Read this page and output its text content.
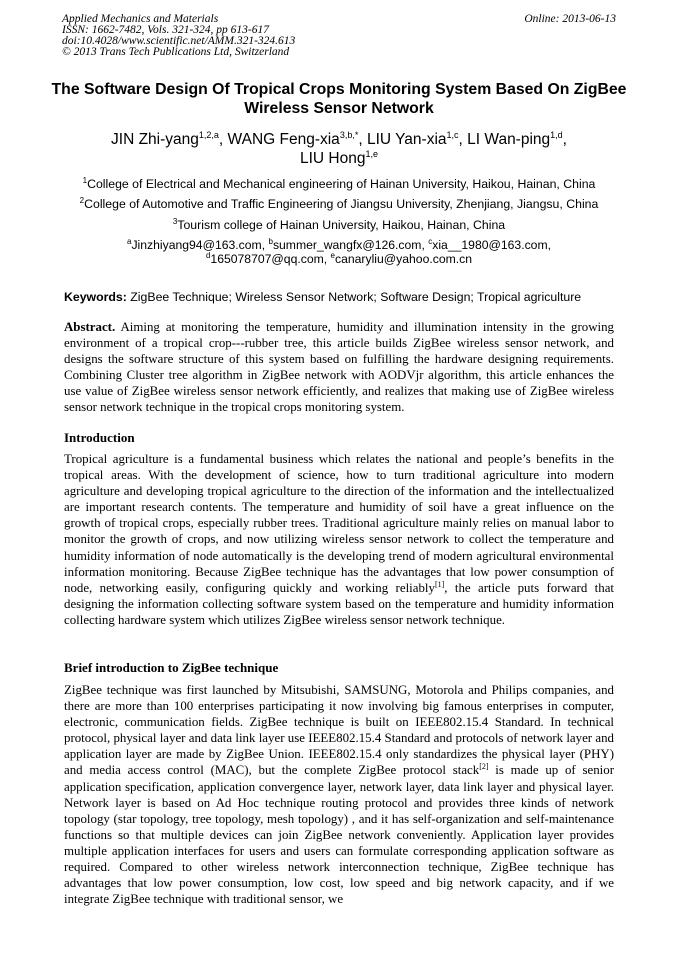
Applied Mechanics and Materials
ISSN: 1662-7482, Vols. 321-324, pp 613-617
doi:10.4028/www.scientific.net/AMM.321-324.613
© 2013 Trans Tech Publications Ltd, Switzerland
Online: 2013-06-13
The Software Design Of Tropical Crops Monitoring System Based On ZigBee Wireless Sensor Network
JIN Zhi-yang$^{1,2,a}$, WANG Feng-xia$^{3,b,*}$, LIU Yan-xia$^{1,c}$, LI Wan-ping$^{1,d}$,
LIU Hong$^{1,e}$
$^1$College of Electrical and Mechanical engineering of Hainan University, Haikou, Hainan, China
$^2$College of Automotive and Traffic Engineering of Jiangsu University, Zhenjiang, Jiangsu, China
$^3$Tourism college of Hainan University, Haikou, Hainan, China
$^a$Jinzhiyang94@163.com, $^b$summer_wangfx@126.com, $^c$xia__1980@163.com,
$^d$165078707@qq.com, $^e$canaryliu@yahoo.com.cn
Keywords: ZigBee Technique; Wireless Sensor Network; Software Design; Tropical agriculture
Abstract. Aiming at monitoring the temperature, humidity and illumination intensity in the growing environment of a tropical crop---rubber tree, this article builds ZigBee wireless sensor network, and designs the software structure of this system based on fulfilling the hardware designing requirements. Combining Cluster tree algorithm in ZigBee network with AODVjr algorithm, this article enhances the use value of ZigBee wireless sensor network efficiently, and realizes that making use of ZigBee wireless sensor network technique in the tropical crops monitoring system.
Introduction
Tropical agriculture is a fundamental business which relates the national and people’s benefits in the tropical areas. With the development of science, how to turn traditional agriculture into modern agriculture and developing tropical agriculture to the direction of the information and the intellectualized are important research contents. The temperature and humidity of soil have a great influence on the growth of tropical crops, especially rubber trees. Traditional agriculture mainly relies on manual labor to monitor the growth of crops, and now utilizing wireless sensor network to collect the temperature and humidity information of node automatically is the developing trend of modern agricultural environmental information monitoring. Because ZigBee technique has the advantages that low power consumption of node, networking easily, configuring quickly and working reliably[1], the article puts forward that designing the information collecting software system based on the temperature and humidity information collecting hardware system which utilizes ZigBee wireless sensor network technique.
Brief introduction to ZigBee technique
ZigBee technique was first launched by Mitsubishi, SAMSUNG, Motorola and Philips companies, and there are more than 100 enterprises participating it now involving big famous enterprises in computer, electronic, communication fields. ZigBee technique is built on IEEE802.15.4 Standard. In technical protocol, physical layer and data link layer use IEEE802.15.4 Standard and protocols of network layer and application layer are made by ZigBee Union. IEEE802.15.4 only standardizes the physical layer (PHY) and media access control (MAC), but the complete ZigBee protocol stack[2] is made up of senior application specification, application convergence layer, network layer, data link layer and physical layer. Network layer is based on Ad Hoc technique routing protocol and provides three kinds of network topology (star topology, tree topology, mesh topology) , and it has self-organization and self-maintenance functions so that multiple devices can join ZigBee network conveniently. Application layer provides multiple application interfaces for users and users can formulate corresponding application software as required. Compared to other wireless network interconnection technique, ZigBee technique has advantages that low power consumption, low cost, low speed and big network capacity, and if we integrate ZigBee technique with traditional sensor, we
